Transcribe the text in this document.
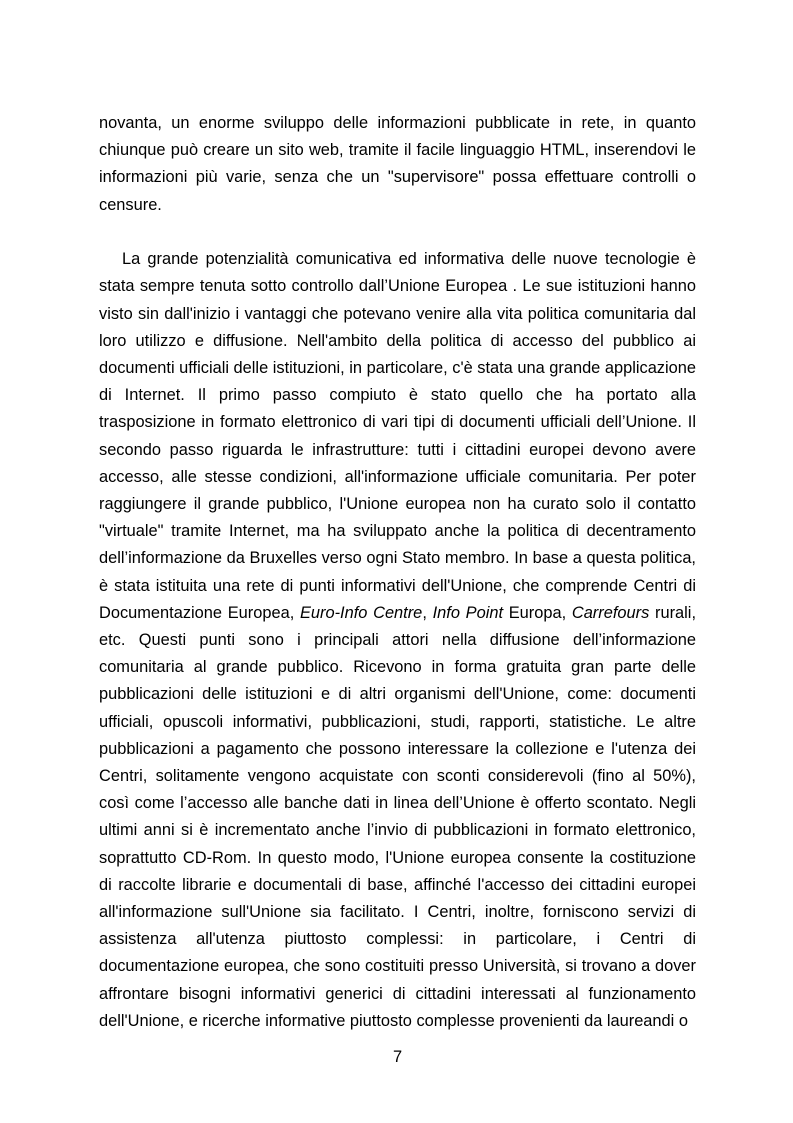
novanta, un enorme sviluppo delle informazioni pubblicate in rete, in quanto chiunque può creare un sito web, tramite il facile linguaggio HTML, inserendovi le informazioni più varie, senza che un "supervisore" possa effettuare controlli o censure.

La grande potenzialità comunicativa ed informativa delle nuove tecnologie è stata sempre tenuta sotto controllo dall’Unione Europea . Le sue istituzioni hanno visto sin dall'inizio i vantaggi che potevano venire alla vita politica comunitaria dal loro utilizzo e diffusione. Nell'ambito della politica di accesso del pubblico ai documenti ufficiali delle istituzioni, in particolare, c'è stata una grande applicazione di Internet. Il primo passo compiuto è stato quello che ha portato alla trasposizione in formato elettronico di vari tipi di documenti ufficiali dell’Unione. Il secondo passo riguarda le infrastrutture: tutti i cittadini europei devono avere accesso, alle stesse condizioni, all'informazione ufficiale comunitaria. Per poter raggiungere il grande pubblico, l'Unione europea non ha curato solo il contatto "virtuale" tramite Internet, ma ha sviluppato anche la politica di decentramento dell’informazione da Bruxelles verso ogni Stato membro. In base a questa politica, è stata istituita una rete di punti informativi dell'Unione, che comprende Centri di Documentazione Europea, Euro-Info Centre, Info Point Europa, Carrefours rurali, etc. Questi punti sono i principali attori nella diffusione dell’informazione comunitaria al grande pubblico. Ricevono in forma gratuita gran parte delle pubblicazioni delle istituzioni e di altri organismi dell'Unione, come: documenti ufficiali, opuscoli informativi, pubblicazioni, studi, rapporti, statistiche. Le altre pubblicazioni a pagamento che possono interessare la collezione e l'utenza dei Centri, solitamente vengono acquistate con sconti considerevoli (fino al 50%), così come l’accesso alle banche dati in linea dell’Unione è offerto scontato. Negli ultimi anni si è incrementato anche l’invio di pubblicazioni in formato elettronico, soprattutto CD-Rom. In questo modo, l'Unione europea consente la costituzione di raccolte librarie e documentali di base, affinché l'accesso dei cittadini europei all'informazione sull'Unione sia facilitato. I Centri, inoltre, forniscono servizi di assistenza all'utenza piuttosto complessi: in particolare, i Centri di documentazione europea, che sono costituiti presso Università, si trovano a dover affrontare bisogni informativi generici di cittadini interessati al funzionamento dell'Unione, e ricerche informative piuttosto complesse provenienti da laureandi o

7
